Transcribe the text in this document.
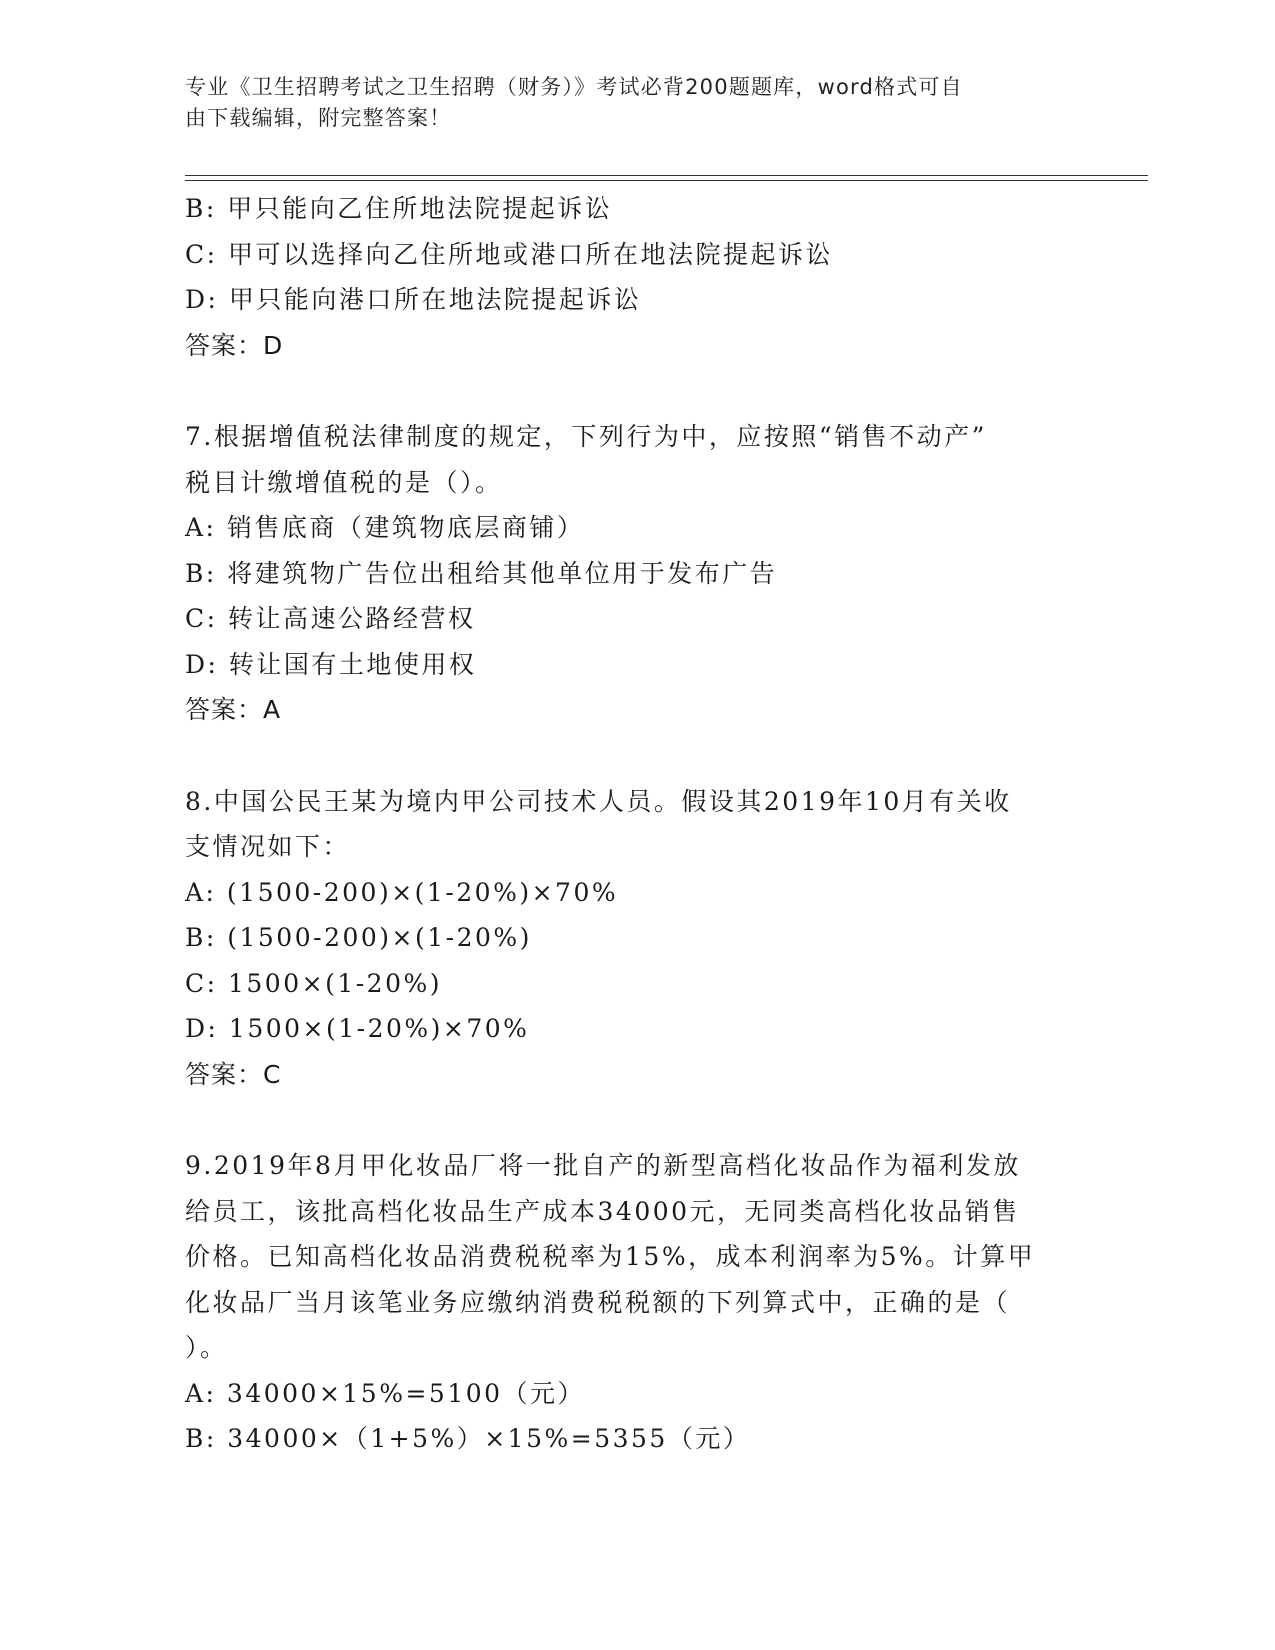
专业《卫生招聘考试之卫生招聘（财务）》考试必背200题题库，word格式可自
由下载编辑，附完整答案！
B: 甲只能向乙住所地法院提起诉讼
C: 甲可以选择向乙住所地或港口所在地法院提起诉讼
D: 甲只能向港口所在地法院提起诉讼
答案：D
7.根据增值税法律制度的规定，下列行为中，应按照“销售不动产”
税目计缴增值税的是（）。
A: 销售底商（建筑物底层商铺）
B: 将建筑物广告位出租给其他单位用于发布广告
C: 转让高速公路经营权
D: 转让国有土地使用权
答案：A
8.中国公民王某为境内甲公司技术人员。假设其2019年10月有关收
支情况如下：
A: (1500-200)×(1-20%)×70%
B: (1500-200)×(1-20%)
C: 1500×(1-20%)
D: 1500×(1-20%)×70%
答案：C
9.2019年8月甲化妆品厂将一批自产的新型高档化妆品作为福利发放
给员工，该批高档化妆品生产成本34000元，无同类高档化妆品销售
价格。已知高档化妆品消费税税率为15%，成本利润率为5%。计算甲
化妆品厂当月该笔业务应缴纳消费税税额的下列算式中，正确的是（
）。
A: 34000×15%=5100（元）
B: 34000×（1+5%）×15%=5355（元）
